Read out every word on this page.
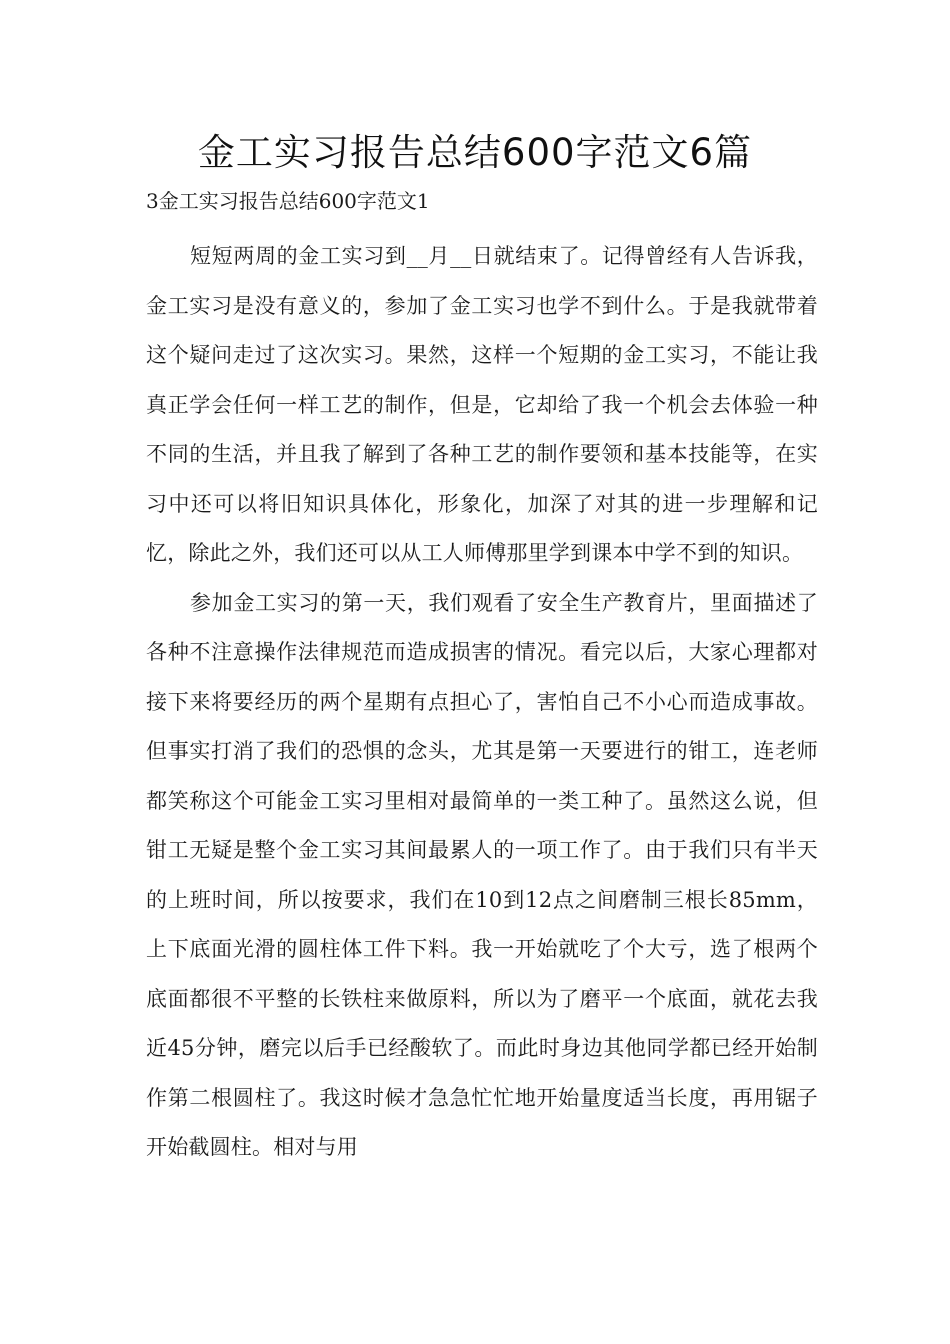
金工实习报告总结600字范文6篇
3金工实习报告总结600字范文1

短短两周的金工实习到__月__日就结束了。记得曾经有人告诉我，金工实习是没有意义的，参加了金工实习也学不到什么。于是我就带着这个疑问走过了这次实习。果然，这样一个短期的金工实习，不能让我真正学会任何一样工艺的制作，但是，它却给了我一个机会去体验一种不同的生活，并且我了解到了各种工艺的制作要领和基本技能等，在实习中还可以将旧知识具体化，形象化，加深了对其的进一步理解和记忆，除此之外，我们还可以从工人师傅那里学到课本中学不到的知识。

参加金工实习的第一天，我们观看了安全生产教育片，里面描述了各种不注意操作法律规范而造成损害的情况。看完以后，大家心理都对接下来将要经历的两个星期有点担心了，害怕自己不小心而造成事故。但事实打消了我们的恐惧的念头，尤其是第一天要进行的钳工，连老师都笑称这个可能金工实习里相对最简单的一类工种了。虽然这么说，但钳工无疑是整个金工实习其间最累人的一项工作了。由于我们只有半天的上班时间，所以按要求，我们在10到12点之间磨制三根长85mm，上下底面光滑的圆柱体工件下料。我一开始就吃了个大亏，选了根两个底面都很不平整的长铁柱来做原料，所以为了磨平一个底面，就花去我近45分钟，磨完以后手已经酸软了。而此时身边其他同学都已经开始制作第二根圆柱了。我这时候才急急忙忙地开始量度适当长度，再用锯子开始截圆柱。相对与用
